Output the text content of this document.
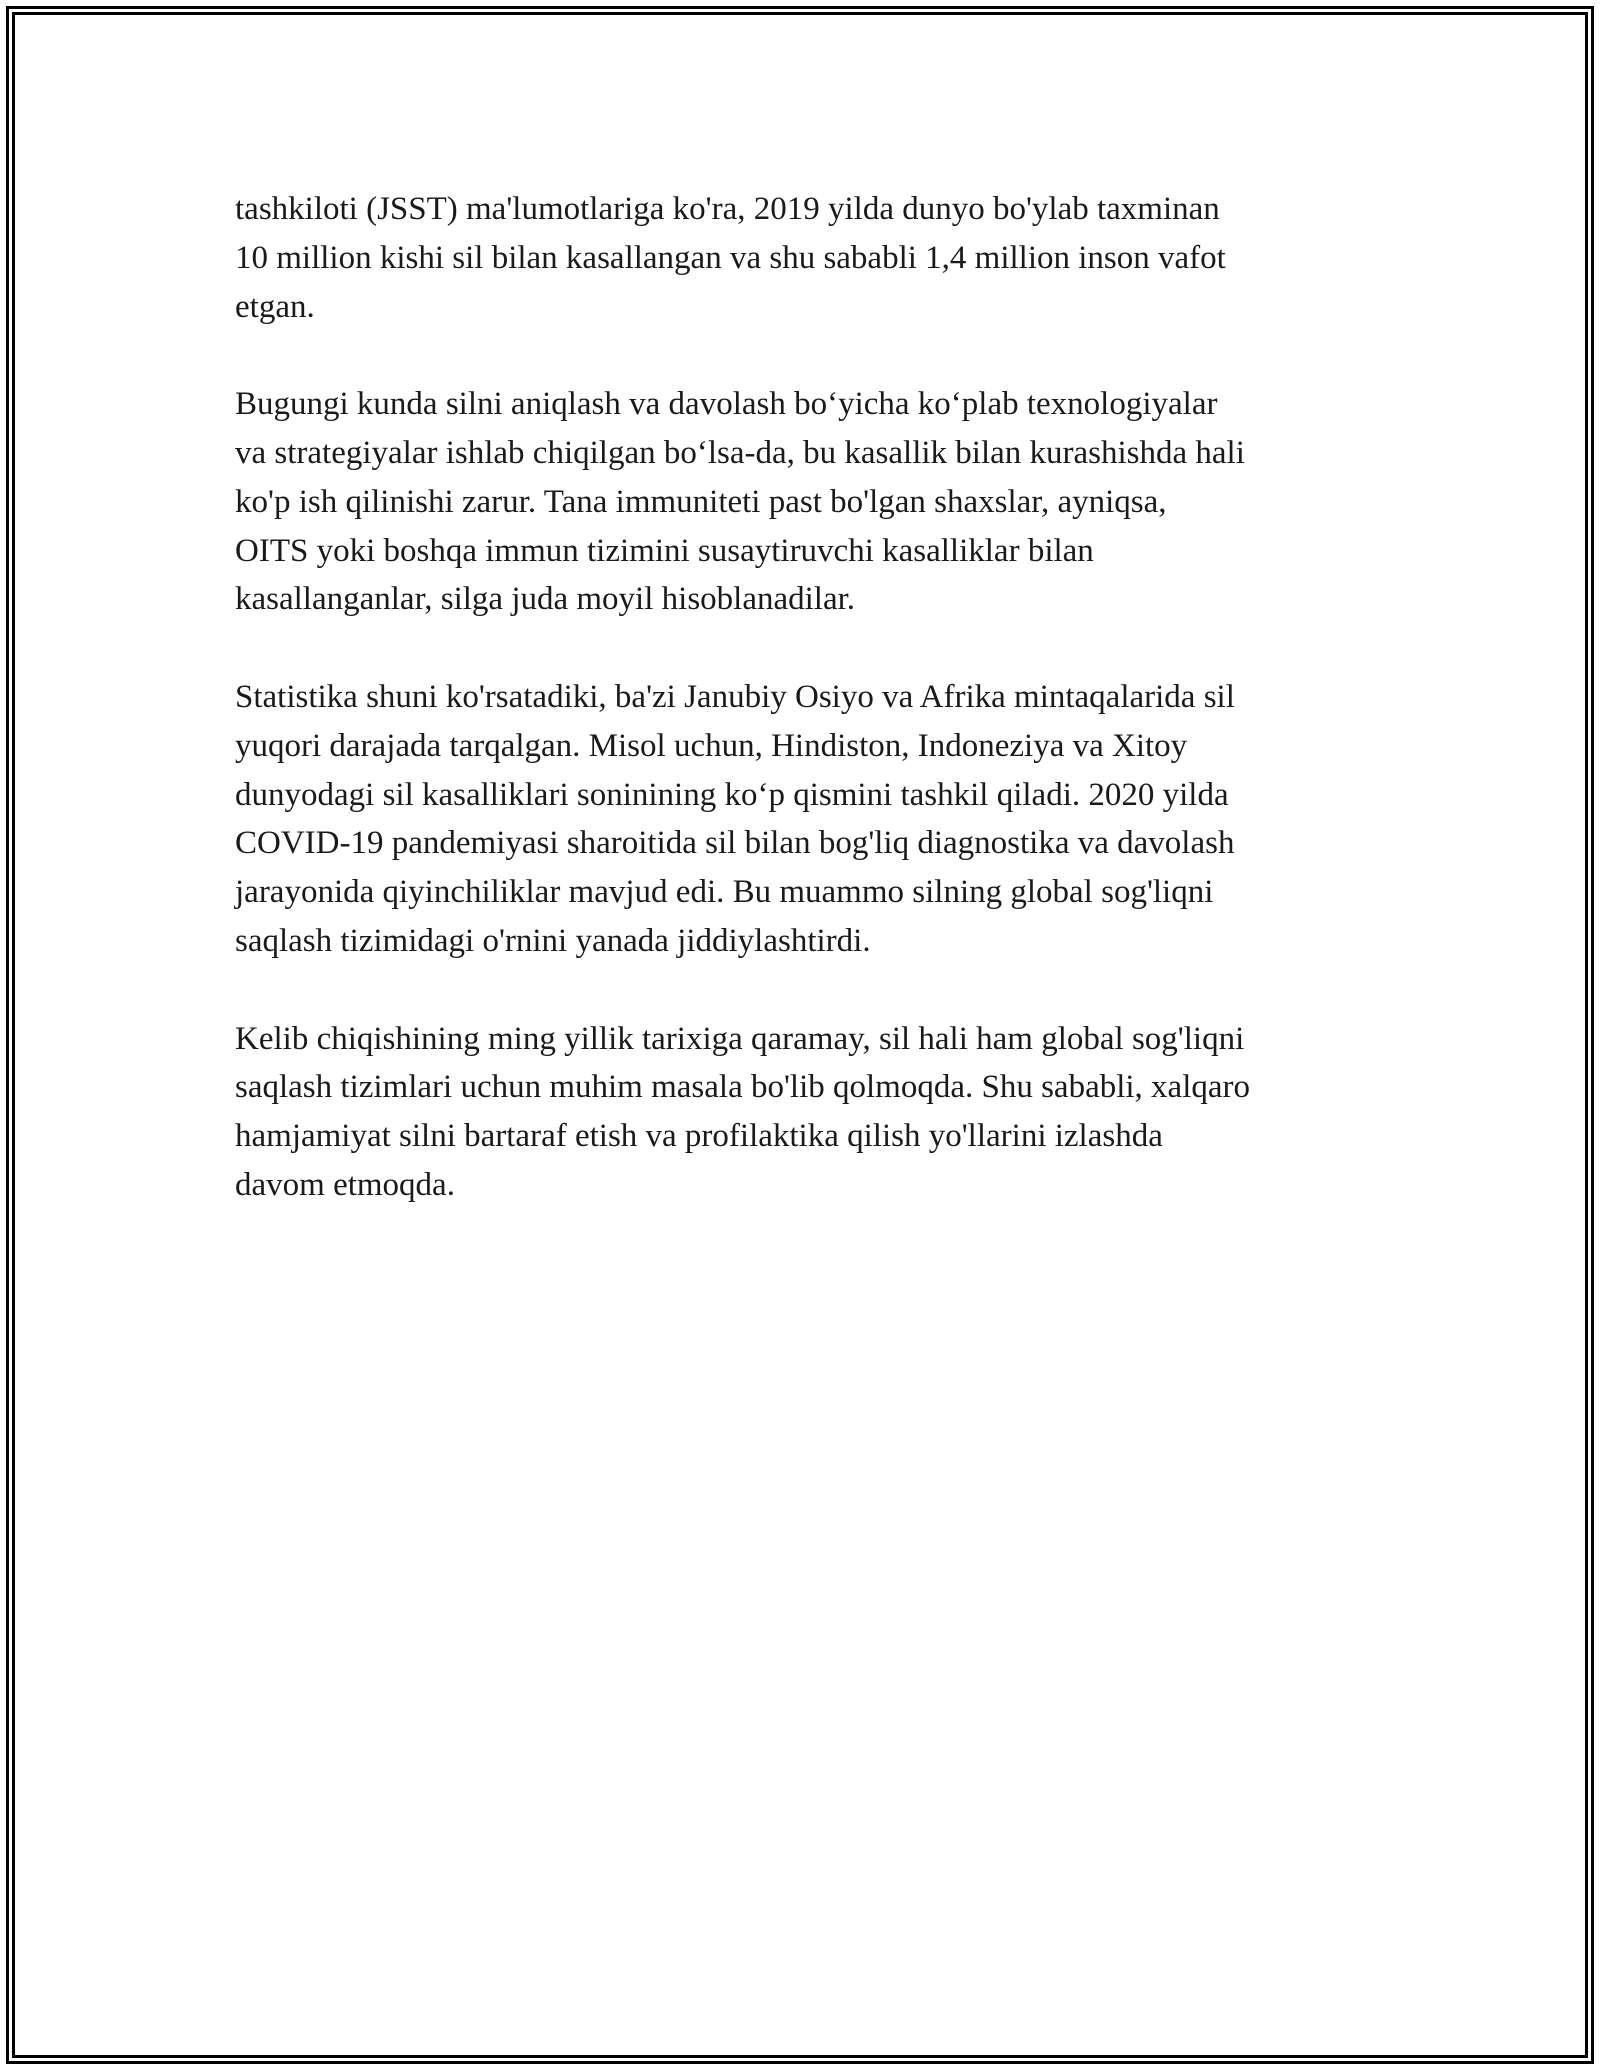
tashkiloti (JSST) ma'lumotlariga ko'ra, 2019 yilda dunyo bo'ylab taxminan
10 million kishi sil bilan kasallangan va shu sababli 1,4 million inson vafot
etgan.

Bugungi kunda silni aniqlash va davolash bo‘yicha ko‘plab texnologiyalar
va strategiyalar ishlab chiqilgan bo‘lsa-da, bu kasallik bilan kurashishda hali
ko'p ish qilinishi zarur. Tana immuniteti past bo'lgan shaxslar, ayniqsa,
OITS yoki boshqa immun tizimini susaytiruvchi kasalliklar bilan
kasallanganlar, silga juda moyil hisoblanadilar.

Statistika shuni ko'rsatadiki, ba'zi Janubiy Osiyo va Afrika mintaqalarida sil
yuqori darajada tarqalgan. Misol uchun, Hindiston, Indoneziya va Xitoy
dunyodagi sil kasalliklari soninining ko‘p qismini tashkil qiladi. 2020 yilda
COVID-19 pandemiyasi sharoitida sil bilan bog'liq diagnostika va davolash
jarayonida qiyinchiliklar mavjud edi. Bu muammo silning global sog'liqni
saqlash tizimidagi o'rnini yanada jiddiylashtirdi.

Kelib chiqishining ming yillik tarixiga qaramay, sil hali ham global sog'liqni
saqlash tizimlari uchun muhim masala bo'lib qolmoqda. Shu sababli, xalqaro
hamjamiyat silni bartaraf etish va profilaktika qilish yo'llarini izlashda
davom etmoqda.
